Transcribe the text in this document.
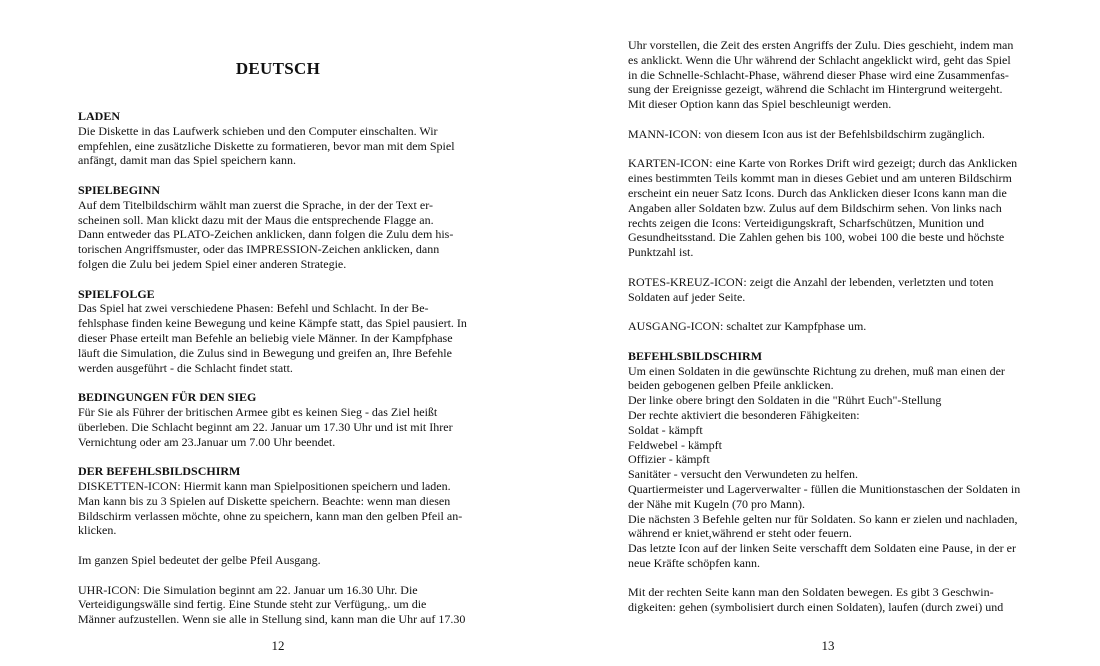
DEUTSCH

LADEN
Die Diskette in das Laufwerk schieben und den Computer einschalten. Wir
empfehlen, eine zusätzliche Diskette zu formatieren, bevor man mit dem Spiel
anfängt, damit man das Spiel speichern kann.

SPIELBEGINN
Auf dem Titelbildschirm wählt man zuerst die Sprache, in der der Text er-
scheinen soll. Man klickt dazu mit der Maus die entsprechende Flagge an.
Dann entweder das PLATO-Zeichen anklicken, dann folgen die Zulu dem his-
torischen Angriffsmuster, oder das IMPRESSION-Zeichen anklicken, dann
folgen die Zulu bei jedem Spiel einer anderen Strategie.

SPIELFOLGE
Das Spiel hat zwei verschiedene Phasen: Befehl und Schlacht. In der Be-
fehlsphase finden keine Bewegung und keine Kämpfe statt, das Spiel pausiert. In
dieser Phase erteilt man Befehle an beliebig viele Männer. In der Kampfphase
läuft die Simulation, die Zulus sind in Bewegung und greifen an, Ihre Befehle
werden ausgeführt - die Schlacht findet statt.

BEDINGUNGEN FÜR DEN SIEG
Für Sie als Führer der britischen Armee gibt es keinen Sieg - das Ziel heißt
überleben. Die Schlacht beginnt am 22. Januar um 17.30 Uhr und ist mit Ihrer
Vernichtung oder am 23.Januar um 7.00 Uhr beendet.

DER BEFEHLSBILDSCHIRM
DISKETTEN-ICON: Hiermit kann man Spielpositionen speichern und laden.
Man kann bis zu 3 Spielen auf Diskette speichern. Beachte: wenn man diesen
Bildschirm verlassen möchte, ohne zu speichern, kann man den gelben Pfeil an-
klicken.

Im ganzen Spiel bedeutet der gelbe Pfeil Ausgang.

UHR-ICON: Die Simulation beginnt am 22. Januar um 16.30 Uhr. Die
Verteidigungswälle sind fertig. Eine Stunde steht zur Verfügung,. um die
Männer aufzustellen. Wenn sie alle in Stellung sind, kann man die Uhr auf 17.30

12

Uhr vorstellen, die Zeit des ersten Angriffs der Zulu. Dies geschieht, indem man
es anklickt. Wenn die Uhr während der Schlacht angeklickt wird, geht das Spiel
in die Schnelle-Schlacht-Phase, während dieser Phase wird eine Zusammenfas-
sung der Ereignisse gezeigt, während die Schlacht im Hintergrund weitergeht.
Mit dieser Option kann das Spiel beschleunigt werden.

MANN-ICON: von diesem Icon aus ist der Befehlsbildschirm zugänglich.

KARTEN-ICON: eine Karte von Rorkes Drift wird gezeigt; durch das Anklicken
eines bestimmten Teils kommt man in dieses Gebiet und am unteren Bildschirm
erscheint ein neuer Satz Icons. Durch das Anklicken dieser Icons kann man die
Angaben aller Soldaten bzw. Zulus auf dem Bildschirm sehen. Von links nach
rechts zeigen die Icons: Verteidigungskraft, Scharfschützen, Munition und
Gesundheitsstand. Die Zahlen gehen bis 100, wobei 100 die beste und höchste
Punktzahl ist.

ROTES-KREUZ-ICON: zeigt die Anzahl der lebenden, verletzten und toten
Soldaten auf jeder Seite.

AUSGANG-ICON: schaltet zur Kampfphase um.

BEFEHLSBILDSCHIRM
Um einen Soldaten in die gewünschte Richtung zu drehen, muß man einen der
beiden gebogenen gelben Pfeile anklicken.
Der linke obere bringt den Soldaten in die "Rührt Euch"-Stellung
Der rechte aktiviert die besonderen Fähigkeiten:
Soldat - kämpft
Feldwebel - kämpft
Offizier - kämpft
Sanitäter - versucht den Verwundeten zu helfen.
Quartiermeister und Lagerverwalter - füllen die Munitionstaschen der Soldaten in
der Nähe mit Kugeln (70 pro Mann).
Die nächsten 3 Befehle gelten nur für Soldaten. So kann er zielen und nachladen,
während er kniet,während er steht oder feuern.
Das letzte Icon auf der linken Seite verschafft dem Soldaten eine Pause, in der er
neue Kräfte schöpfen kann.

Mit der rechten Seite kann man den Soldaten bewegen. Es gibt 3 Geschwin-
digkeiten: gehen (symbolisiert durch einen Soldaten), laufen (durch zwei) und

13
